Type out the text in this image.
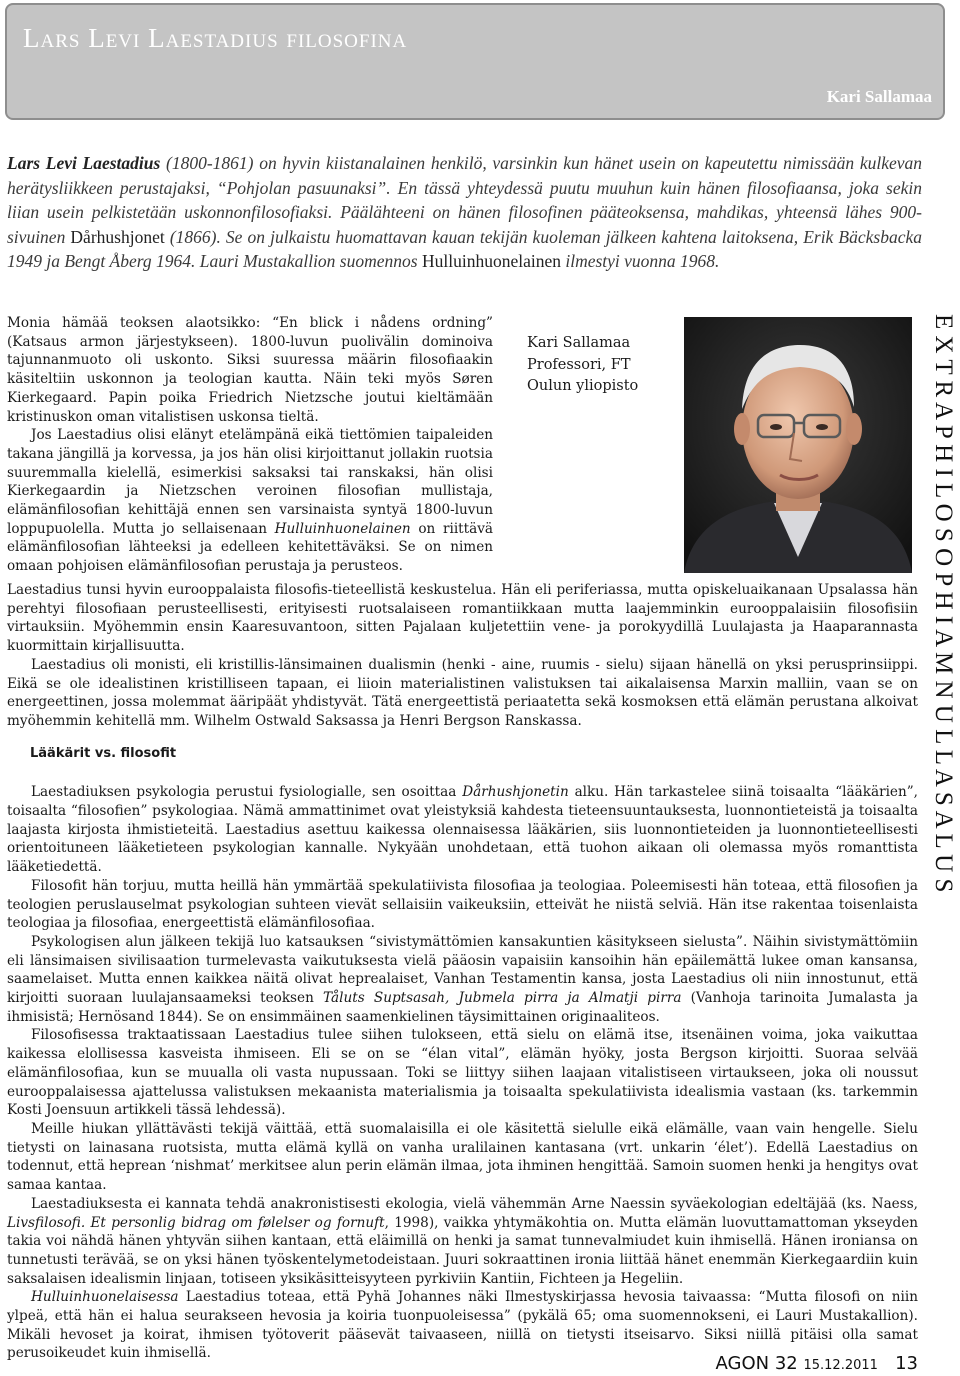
Lars Levi Laestadius filosofina
Kari Sallamaa

Lars Levi Laestadius (1800-1861) on hyvin kiistanalainen henkilö, varsinkin kun hänet usein on kapeutettu nimissään kulkevan herätysliikkeen perustajaksi, “Pohjolan pasuunaksi”. En tässä yhteydessä puutu muuhun kuin hänen filosofiaansa, joka sekin liian usein pelkistetään uskonnonfilosofiaksi. Päälähteeni on hänen filosofinen pääteoksensa, mahdikas, yhteensä lähes 900-sivuinen Dårhushjonet (1866). Se on julkaistu huomattavan kauan tekijän kuoleman jälkeen kahtena laitoksena, Erik Bäcksbacka 1949 ja Bengt Åberg 1964. Lauri Mustakallion suomennos Hulluinhuonelainen ilmestyi vuonna 1968.

Monia hämää teoksen alaotsikko: “En blick i nådens ordning” (Katsaus armon järjestykseen). 1800-luvun puolivälin dominoiva tajunnanmuoto oli uskonto. Siksi suuressa määrin filosofiaakin käsiteltiin uskonnon ja teologian kautta. Näin teki myös Søren Kierkegaard. Papin poika Friedrich Nietzsche joutui kieltämään kristinuskon oman vitalistisen uskonsa tieltä.

Jos Laestadius olisi elänyt etelämpänä eikä tiettömien taipaleiden takana jängillä ja korvessa, ja jos hän olisi kirjoittanut jollakin ruotsia suuremmalla kielellä, esimerkisi saksaksi tai ranskaksi, hän olisi Kierkegaardin ja Nietzschen veroinen filosofian mullistaja, elämänfilosofian kehittäjä ennen sen varsinaista syntyä 1800-luvun loppupuolella. Mutta jo sellaisenaan Hulluinhuonelainen on riittävä elämänfilosofian lähteeksi ja edelleen kehitettäväksi. Se on nimen omaan pohjoisen elämänfilosofian perustaja ja perusteos.

Kari Sallamaa
Professori, FT
Oulun yliopisto

Laestadius tunsi hyvin eurooppalaista filosofis-tieteellistä keskustelua. Hän eli periferiassa, mutta opiskeluaikanaan Upsalassa hän perehtyi filosofiaan perusteellisesti, erityisesti ruotsalaiseen romantiikkaan mutta laajemminkin eurooppalaisiin filosofisiin virtauksiin. Myöhemmin ensin Kaaresuvantoon, sitten Pajalaan kuljetettiin vene- ja porokyydillä Luulajasta ja Haaparannasta kuormittain kirjallisuutta.

Laestadius oli monisti, eli kristillis-länsimainen dualismin (henki - aine, ruumis - sielu) sijaan hänellä on yksi perusprinsiippi. Eikä se ole idealistinen kristilliseen tapaan, ei liioin materialistinen valistuksen tai aikalaisensa Marxin malliin, vaan se on energeettinen, jossa molemmat ääripäät yhdistyvät. Tätä energeettistä periaatetta sekä kosmoksen että elämän perustana alkoivat myöhemmin kehitellä mm. Wilhelm Ostwald Saksassa ja Henri Bergson Ranskassa.

Lääkärit vs. filosofit

Laestadiuksen psykologia perustui fysiologialle, sen osoittaa Dårhushjonetin alku. Hän tarkastelee siinä toisaalta “lääkärien”, toisaalta “filosofien” psykologiaa. Nämä ammattinimet ovat yleistyksiä kahdesta tieteensuuntauksesta, luonnontieteistä ja toisaalta laajasta kirjosta ihmistieteitä. Laestadius asettuu kaikessa olennaisessa lääkärien, siis luonnontieteiden ja luonnontieteellisesti orientoituneen lääketieteen psykologian kannalle. Nykyään unohdetaan, että tuohon aikaan oli olemassa myös romanttista lääketiedettä.

Filosofit hän torjuu, mutta heillä hän ymmärtää spekulatiivista filosofiaa ja teologiaa. Poleemisesti hän toteaa, että filosofien ja teologien peruslauselmat psykologian suhteen vievät sellaisiin vaikeuksiin, etteivät he niistä selviä. Hän itse rakentaa toisenlaista teologiaa ja filosofiaa, energeettistä elämänfilosofiaa.

Psykologisen alun jälkeen tekijä luo katsauksen “sivistymättömien kansakuntien käsitykseen sielusta”. Näihin sivistymättömiin eli länsimaisen sivilisaation turmelevasta vaikutuksesta vielä pääosin vapaisiin kansoihin hän epäilemättä lukee oman kansansa, saamelaiset. Mutta ennen kaikkea näitä olivat heprealaiset, Vanhan Testamentin kansa, josta Laestadius oli niin innostunut, että kirjoitti suoraan luulajansaameksi teoksen Tåluts Suptsasah, Jubmela pirra ja Almatji pirra (Vanhoja tarinoita Jumalasta ja ihmisistä; Hernösand 1844). Se on ensimmäinen saamenkielinen täysimittainen originaaliteos.

Filosofisessa traktaatissaan Laestadius tulee siihen tulokseen, että sielu on elämä itse, itsenäinen voima, joka vaikuttaa kaikessa elollisessa kasveista ihmiseen. Eli se on se “élan vital”, elämän hyöky, josta Bergson kirjoitti. Suoraa selvää elämänfilosofiaa, kun se muualla oli vasta nupussaan. Toki se liittyy siihen laajaan vitalistiseen virtaukseen, joka oli noussut eurooppalaisessa ajattelussa valistuksen mekaanista materialismia ja toisaalta spekulatiivista idealismia vastaan (ks. tarkemmin Kosti Joensuun artikkeli tässä lehdessä).

Meille hiukan yllättävästi tekijä väittää, että suomalaisilla ei ole käsitettä sielulle eikä elämälle, vaan vain hengelle. Sielu tietysti on lainasana ruotsista, mutta elämä kyllä on vanha uralilainen kantasana (vrt. unkarin ‘élet’). Edellä Laestadius on todennut, että heprean ‘nishmat’ merkitsee alun perin elämän ilmaa, jota ihminen hengittää. Samoin suomen henki ja hengitys ovat samaa kantaa.

Laestadiuksesta ei kannata tehdä anakronistisesti ekologia, vielä vähemmän Arne Naessin syväekologian edeltäjää (ks. Naess, Livsfilosofi. Et personlig bidrag om følelser og fornuft, 1998), vaikka yhtymäkohtia on. Mutta elämän luovuttamattoman ykseyden takia voi nähdä hänen yhtyvän siihen kantaan, että eläimillä on henki ja samat tunnevalmiudet kuin ihmisellä. Hänen ironiansa on tunnetusti terävää, se on yksi hänen työskentelymetodeistaan. Juuri sokraattinen ironia liittää hänet enemmän Kierkegaardiin kuin saksalaisen idealismin linjaan, totiseen yksikäsitteisyyteen pyrkiviin Kantiin, Fichteen ja Hegeliin.

Hulluinhuonelaisessa Laestadius toteaa, että Pyhä Johannes näki Ilmestyskirjassa hevosia taivaassa: “Mutta filosofi on niin ylpeä, että hän ei halua seurakseen hevosia ja koiria tuonpuoleisessa” (pykälä 65; oma suomennokseni, ei Lauri Mustakallion). Mikäli hevoset ja koirat, ihmisen työtoverit pääsevät taivaaseen, niillä on tietysti itseisarvo. Siksi niillä pitäisi olla samat perusoikeudet kuin ihmisellä.

E X T R A P H I L O S O P H I A M N U L L A S A L U S
AGON 32 15.12.2011 13
